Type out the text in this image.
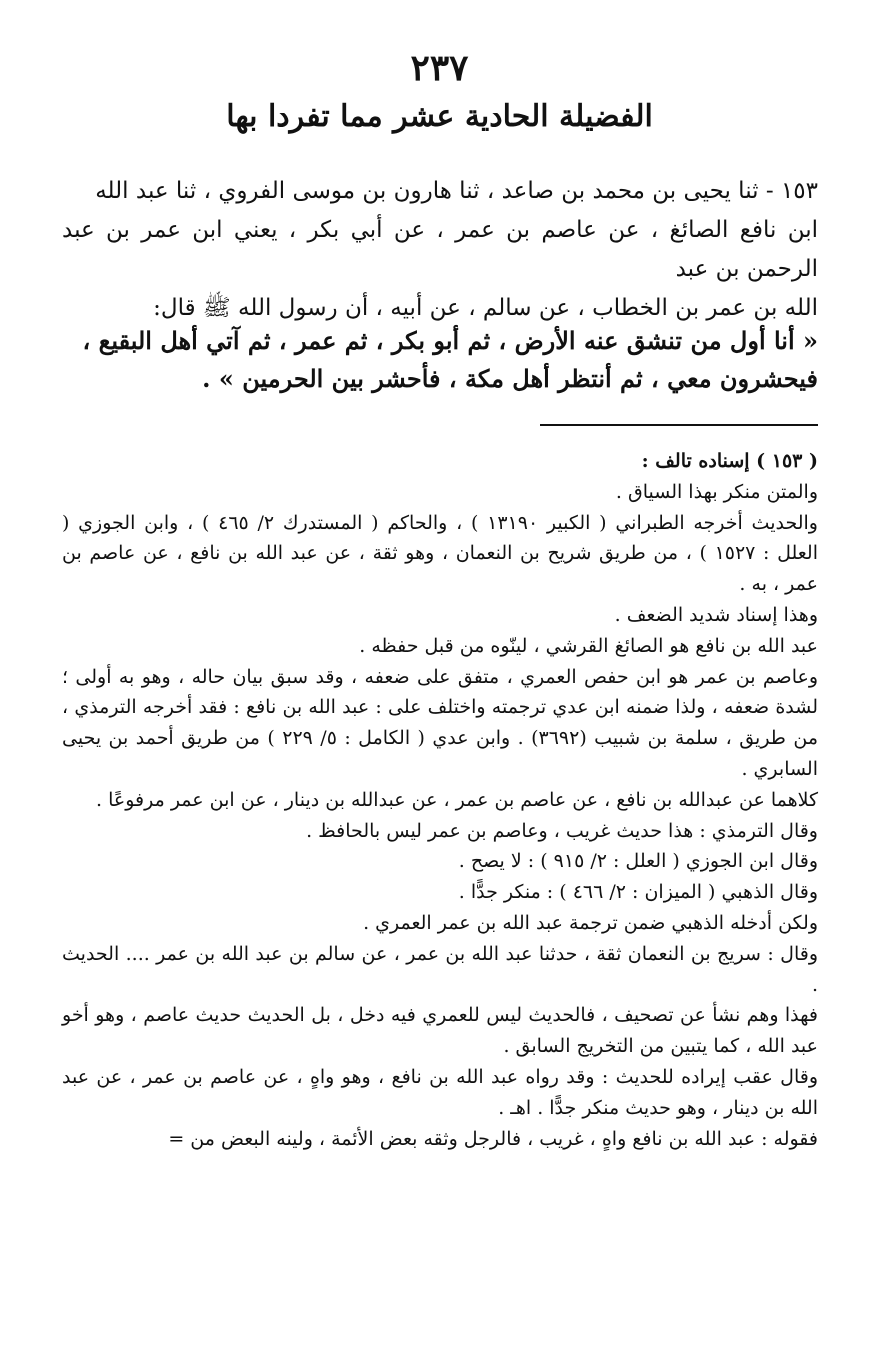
٢٣٧
الفضيلة الحادية عشر مما تفردا بها

١٥٣ - ثنا يحيى بن محمد بن صاعد ، ثنا هارون بن موسى الفروي ، ثنا عبد الله

ابن نافع الصائغ ، عن عاصم بن عمر ، عن أبي بكر ، يعني ابن عمر بن عبد الرحمن بن عبد

الله بن عمر بن الخطاب ، عن سالم ، عن أبيه ، أن رسول الله ﷺ قال:

« أنا أول من تنشق عنه الأرض ، ثم أبو بكر ، ثم عمر ، ثم آتي أهل البقيع ،

فيحشرون معي ، ثم أنتظر أهل مكة ، فأحشر بين الحرمين » .

( ١٥٣ ) إسناده تالف :

والمتن منكر بهذا السياق .

والحديث أخرجه الطبراني ( الكبير ١٣١٩٠ ) ، والحاكم ( المستدرك ٢/ ٤٦٥ ) ، وابن الجوزي ( العلل : ١٥٢٧ ) ، من طريق شريح بن النعمان ، وهو ثقة ، عن عبد الله بن نافع ، عن عاصم بن عمر ، به .

وهذا إسناد شديد الضعف .

عبد الله بن نافع هو الصائغ القرشي ، لينّوه من قبل حفظه .

وعاصم بن عمر هو ابن حفص العمري ، متفق على ضعفه ، وقد سبق بيان حاله ، وهو به أولى ؛ لشدة ضعفه ، ولذا ضمنه ابن عدي ترجمته واختلف على : عبد الله بن نافع : فقد أخرجه الترمذي ، من طريق ، سلمة بن شبيب (٣٦٩٢) . وابن عدي ( الكامل : ٥/ ٢٢٩ ) من طريق أحمد بن يحيى السابري .

كلاهما عن عبدالله بن نافع ، عن عاصم بن عمر ، عن عبدالله بن دينار ، عن ابن عمر مرفوعًا .

وقال الترمذي : هذا حديث غريب ، وعاصم بن عمر ليس بالحافظ .

وقال ابن الجوزي ( العلل : ٢/ ٩١٥ ) : لا يصح .

وقال الذهبي ( الميزان : ٢/ ٤٦٦ ) : منكر جدًّا .

ولكن أدخله الذهبي ضمن ترجمة عبد الله بن عمر العمري .

وقال : سريج بن النعمان ثقة ، حدثنا عبد الله بن عمر ، عن سالم بن عبد الله بن عمر .... الحديث .

فهذا وهم نشأ عن تصحيف ، فالحديث ليس للعمري فيه دخل ، بل الحديث حديث عاصم ، وهو أخو عبد الله ، كما يتبين من التخريج السابق .

وقال عقب إيراده للحديث : وقد رواه عبد الله بن نافع ، وهو واهٍ ، عن عاصم بن عمر ، عن عبد الله بن دينار ، وهو حديث منكر جدًّا . اهـ .

فقوله : عبد الله بن نافع واهٍ ، غريب ، فالرجل وثقه بعض الأئمة ، ولينه البعض من =
